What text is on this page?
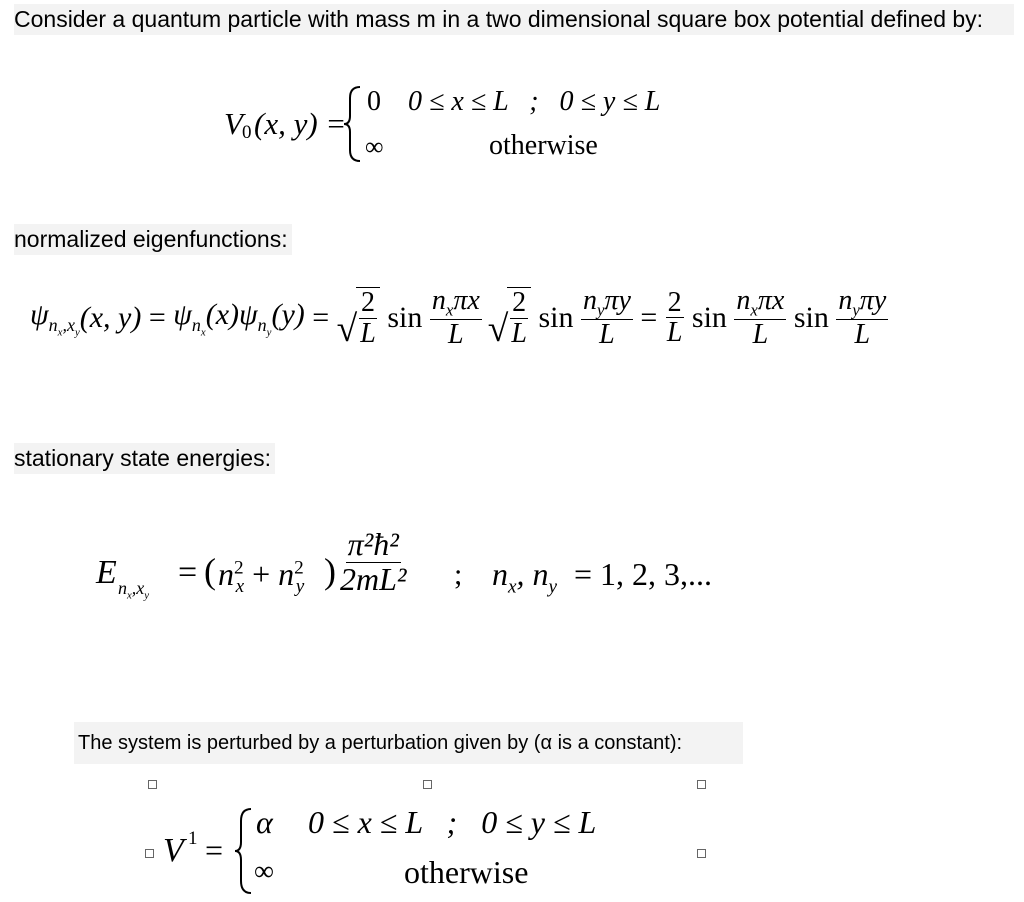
Consider a quantum particle with mass m in a two dimensional square box potential defined by:
V 0 (x, y) =
0 0 ≤ x ≤ L   ;   0 ≤ y ≤ L
∞	otherwise
normalized eigenfunctions:
$\psi_{n_x,x_y}$ (x, $y) = \psi_{n_x}(x)\psi_{n_y}(y)$ = √ $\frac{2}{L}$ $\sin \frac{n_x\pi x}{L}$ √ $\frac{2}{L}$ $\sin \frac{n_y\pi y}{L} = \frac{2}{L}$ $\sin \frac{n_x\pi x}{L}$ $\sin \frac{n_y\pi y}{L}$
stationary state energies:
E $n_x,x_y$
= ( $n^2_x + n^2_y$ ) $\frac{\text{π²ħ²}}{\text{2mL²}}$ ; $n_x$, $n_y = 1$, 2, 3,...
The system is perturbed by a perturbation given by (α is a constant):
V 1 =
α 0 ≤ x ≤ L   ;   0 ≤ y ≤ L
∞	otherwise
